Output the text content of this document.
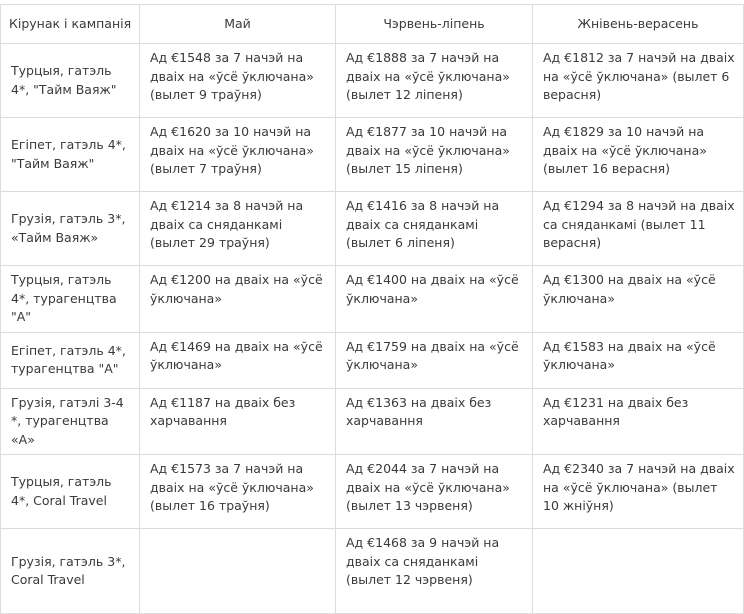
Кірунак і кампанія	Май	Чэрвень-ліпень	Жнівень-верасень
Турцыя, гатэль 4*, "Тайм Ваяж"	Ад €1548 за 7 начэй на дваіх на «ўсё ўключана» (вылет 9 траўня)	Ад €1888 за 7 начэй на дваіх на «ўсё ўключана» (вылет 12 ліпеня)	Ад €1812 за 7 начэй на дваіх на «ўсё ўключана» (вылет 6 верасня)
Егіпет, гатэль 4*, "Тайм Ваяж"	Ад €1620 за 10 начэй на дваіх на «ўсё ўключана» (вылет 7 траўня)	Ад €1877 за 10 начэй на дваіх на «ўсё ўключана» (вылет 15 ліпеня)	Ад €1829 за 10 начэй на дваіх на «ўсё ўключана» (вылет 16 верасня)
Грузія, гатэль 3*, «Тайм Ваяж»	Ад €1214 за 8 начэй на дваіх са сняданкамі (вылет 29 траўня)	Ад €1416 за 8 начэй на дваіх са сняданкамі (вылет 6 ліпеня)	Ад €1294 за 8 начэй на дваіх са сняданкамі (вылет 11 верасня)
Турцыя, гатэль 4*, турагенцтва "А"	Ад €1200 на дваіх на «ўсё ўключана»	Ад €1400 на дваіх на «ўсё ўключана»	Ад €1300 на дваіх на «ўсё ўключана»
Егіпет, гатэль 4*, турагенцтва "А"	Ад €1469 на дваіх на «ўсё ўключана»	Ад €1759 на дваіх на «ўсё ўключана»	Ад €1583 на дваіх на «ўсё ўключана»
Грузія, гатэлі 3-4 *, турагенцтва «А»	Ад €1187 на дваіх без харчавання	Ад €1363 на дваіх без харчавання	Ад €1231 на дваіх без харчавання
Турцыя, гатэль 4*, Coral Travel	Ад €1573 за 7 начэй на дваіх на «ўсё ўключана» (вылет 16 траўня)	Ад €2044 за 7 начэй на дваіх на «ўсё ўключана» (вылет 13 чэрвеня)	Ад €2340 за 7 начэй на дваіх на «ўсё ўключана» (вылет 10 жніўня)
Грузія, гатэль 3*, Coral Travel		Ад €1468 за 9 начэй на дваіх са сняданкамі (вылет 12 чэрвеня)	
